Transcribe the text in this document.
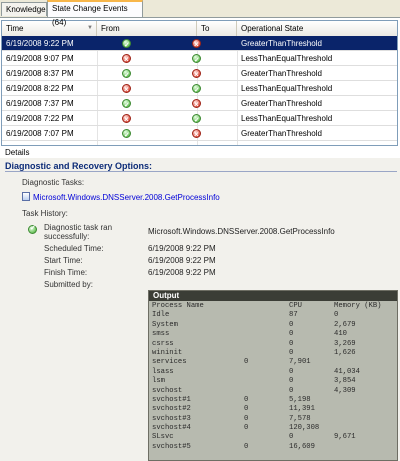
Knowledge State Change Events (64)
Time	▼	From	To	Operational State
6/19/2008 9:22 PM ✓ ×	GreaterThanThreshold
6/19/2008 9:07 PM × ✓	LessThanEqualThreshold
6/19/2008 8:37 PM ✓ ×	GreaterThanThreshold
6/19/2008 8:22 PM × ✓	LessThanEqualThreshold
6/19/2008 7:37 PM ✓ ×	GreaterThanThreshold
6/19/2008 7:22 PM × ✓	LessThanEqualThreshold
6/19/2008 7:07 PM ✓ ×	GreaterThanThreshold
Details
Diagnostic and Recovery Options:
Diagnostic Tasks:
Microsoft.Windows.DNSServer.2008.GetProcessInfo
Task History:
✓
Diagnostic task ran
successfully:
Microsoft.Windows.DNSServer.2008.GetProcessInfo
Scheduled Time:	6/19/2008 9:22 PM
Start Time:	6/19/2008 9:22 PM
Finish Time:	6/19/2008 9:22 PM
Submitted by:
Output
Process Name	CPU	Memory (KB)
Idle	87	0
System	0	2,679
smss	0	410
csrss	0	3,269
wininit	0	1,626
services	0	7,901
lsass	0	41,034
lsm	0	3,854
svchost	0	4,309
svchost#1	0	5,198
svchost#2	0	11,391
svchost#3	0	7,578
svchost#4	0	120,308
SLsvc	0	9,671
svchost#5	0	16,609
